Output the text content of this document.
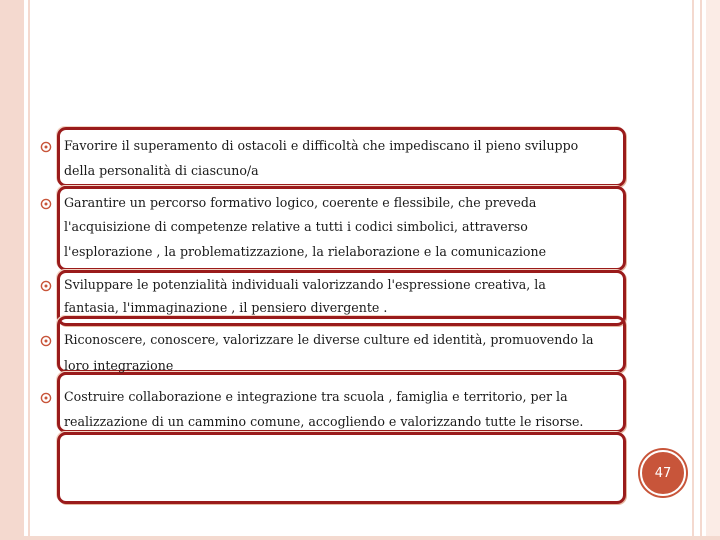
Favorire il superamento di ostacoli e difficoltà che impediscano il pieno sviluppo
della personalità di ciascuno/a
Garantire un percorso formativo logico, coerente e flessibile, che preveda
l'acquisizione di competenze relative a tutti i codici simbolici, attraverso
l'esplorazione , la problematizzazione, la rielaborazione e la comunicazione
Sviluppare le potenzialità individuali valorizzando l'espressione creativa, la
fantasia, l'immaginazione , il pensiero divergente .
Riconoscere, conoscere, valorizzare le diverse culture ed identità, promuovendo la
loro integrazione
Costruire collaborazione e integrazione tra scuola , famiglia e territorio, per la
realizzazione di un cammino comune, accogliendo e valorizzando tutte le risorse.
47
